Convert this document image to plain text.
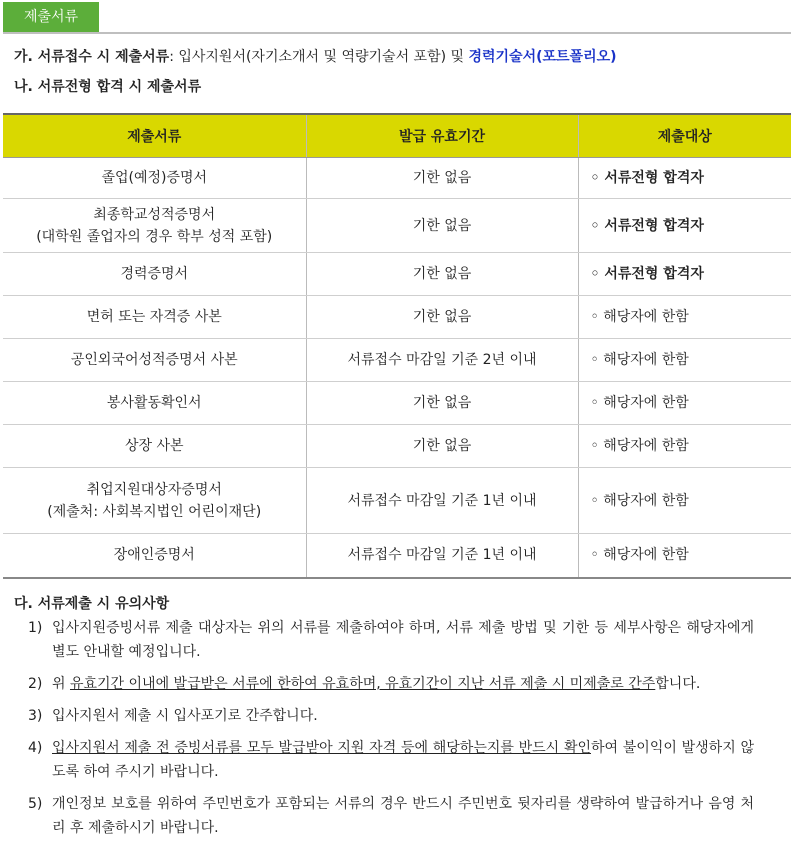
제출서류
가. 서류접수 시 제출서류: 입사지원서(자기소개서 및 역량기술서 포함) 및 경력기술서(포트폴리오)
나. 서류전형 합격 시 제출서류
제출서류	발급 유효기간	제출대상

졸업(예정)증명서	기한 없음	◦ 서류전형 합격자

최종학교성적증명서
(대학원 졸업자의 경우 학부 성적 포함)	기한 없음	◦ 서류전형 합격자

경력증명서	기한 없음	◦ 서류전형 합격자

면허 또는 자격증 사본	기한 없음	◦ 해당자에 한함

공인외국어성적증명서 사본	서류접수 마감일 기준 2년 이내	◦ 해당자에 한함

봉사활동확인서	기한 없음	◦ 해당자에 한함

상장 사본	기한 없음	◦ 해당자에 한함

취업지원대상자증명서
(제출처: 사회복지법인 어린이재단)	서류접수 마감일 기준 1년 이내	◦ 해당자에 한함

장애인증명서	서류접수 마감일 기준 1년 이내	◦ 해당자에 한함
다. 서류제출 시 유의사항
1) 입사지원증빙서류 제출 대상자는 위의 서류를 제출하여야 하며, 서류 제출 방법 및 기한 등 세부사항은 해당자에게 별도 안내할 예정입니다.
2) 위 유효기간 이내에 발급받은 서류에 한하여 유효하며, 유효기간이 지난 서류 제출 시 미제출로 간주합니다.
3) 입사지원서 제출 시 입사포기로 간주합니다.
4) 입사지원서 제출 전 증빙서류를 모두 발급받아 지원 자격 등에 해당하는지를 반드시 확인하여 불이익이 발생하지 않도록 하여 주시기 바랍니다.
5) 개인정보 보호를 위하여 주민번호가 포함되는 서류의 경우 반드시 주민번호 뒷자리를 생략하여 발급하거나 음영 처리 후 제출하시기 바랍니다.
